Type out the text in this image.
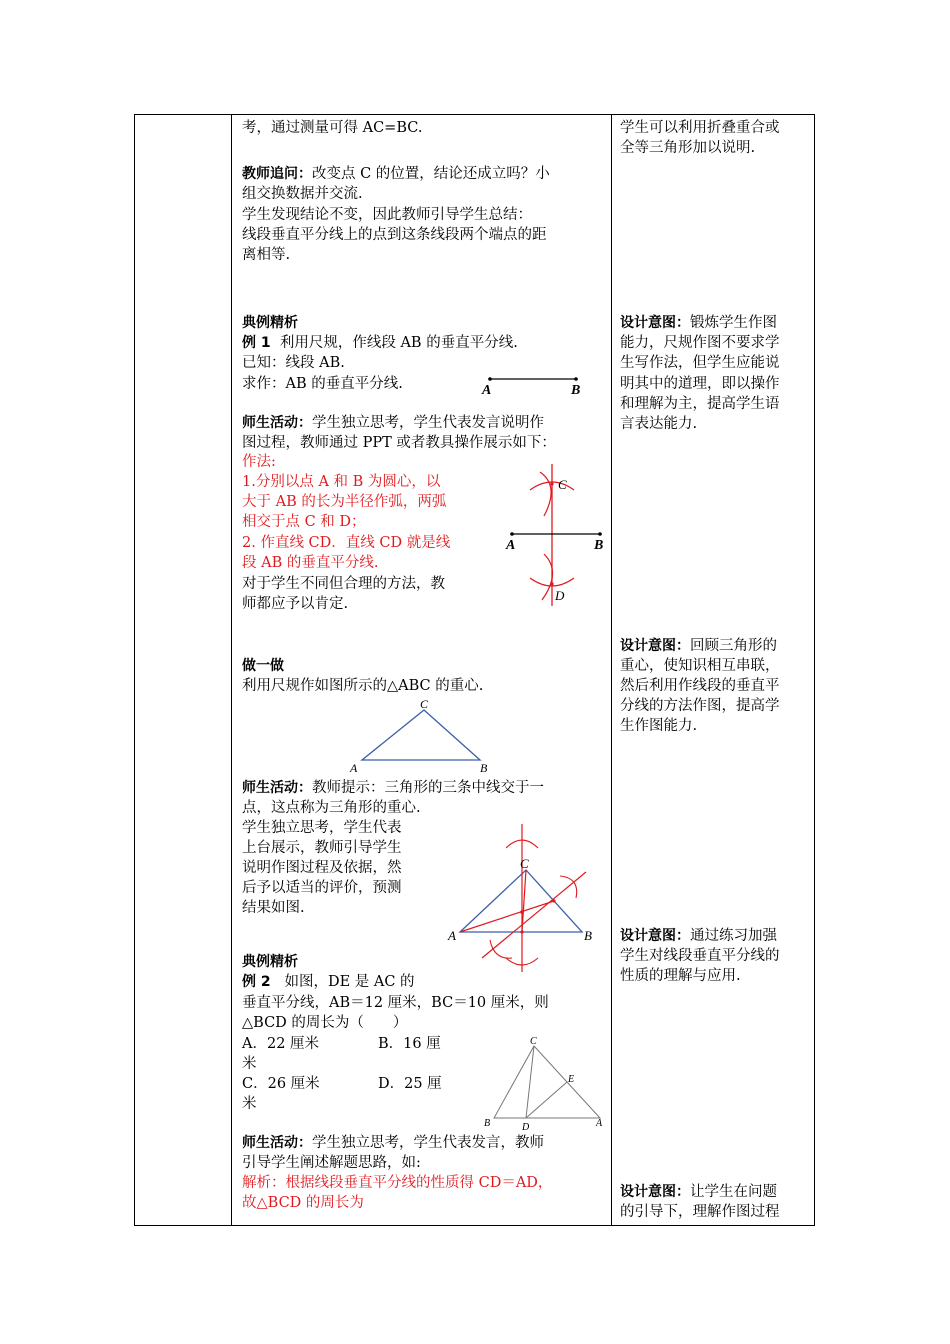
考，通过测量可得 AC=BC.
教师追问：改变点 C 的位置，结论还成立吗？小
组交换数据并交流.
学生发现结论不变，因此教师引导学生总结：
线段垂直平分线上的点到这条线段两个端点的距
离相等.
典例精析
例 1 利用尺规，作线段 AB 的垂直平分线.
已知：线段 AB.
求作：AB 的垂直平分线.
师生活动：学生独立思考，学生代表发言说明作
图过程，教师通过 PPT 或者教具操作展示如下：
作法:
1.分别以点 A 和 B 为圆心，以
大于 AB 的长为半径作弧，两弧
相交于点 C 和 D；
2. 作直线 CD．直线 CD 就是线
段 AB 的垂直平分线.
对于学生不同但合理的方法，教
师都应予以肯定.
做一做
利用尺规作如图所示的△ABC 的重心.
师生活动：教师提示：三角形的三条中线交于一
点，这点称为三角形的重心.
学生独立思考，学生代表
上台展示，教师引导学生
说明作图过程及依据，然
后予以适当的评价，预测
结果如图.
典例精析
例 2 如图，DE 是 AC 的
垂直平分线，AB＝12 厘米，BC＝10 厘米，则
△BCD 的周长为（　　）
A．22 厘米	B．16 厘
米
C．26 厘米	D．25 厘
米
师生活动：学生独立思考，学生代表发言，教师
引导学生阐述解题思路，如:
解析：根据线段垂直平分线的性质得 CD＝AD，
故△BCD 的周长为
学生可以利用折叠重合或
全等三角形加以说明.
设计意图：锻炼学生作图
能力，尺规作图不要求学
生写作法，但学生应能说
明其中的道理，即以操作
和理解为主，提高学生语
言表达能力.
设计意图：回顾三角形的
重心，使知识相互串联，
然后利用作线段的垂直平
分线的方法作图，提高学
生作图能力.
设计意图：通过练习加强
学生对线段垂直平分线的
性质的理解与应用.
设计意图：让学生在问题
的引导下，理解作图过程
A	B
A	B
C
D
A
C
B
A
C
B
C
E
B	D	A
